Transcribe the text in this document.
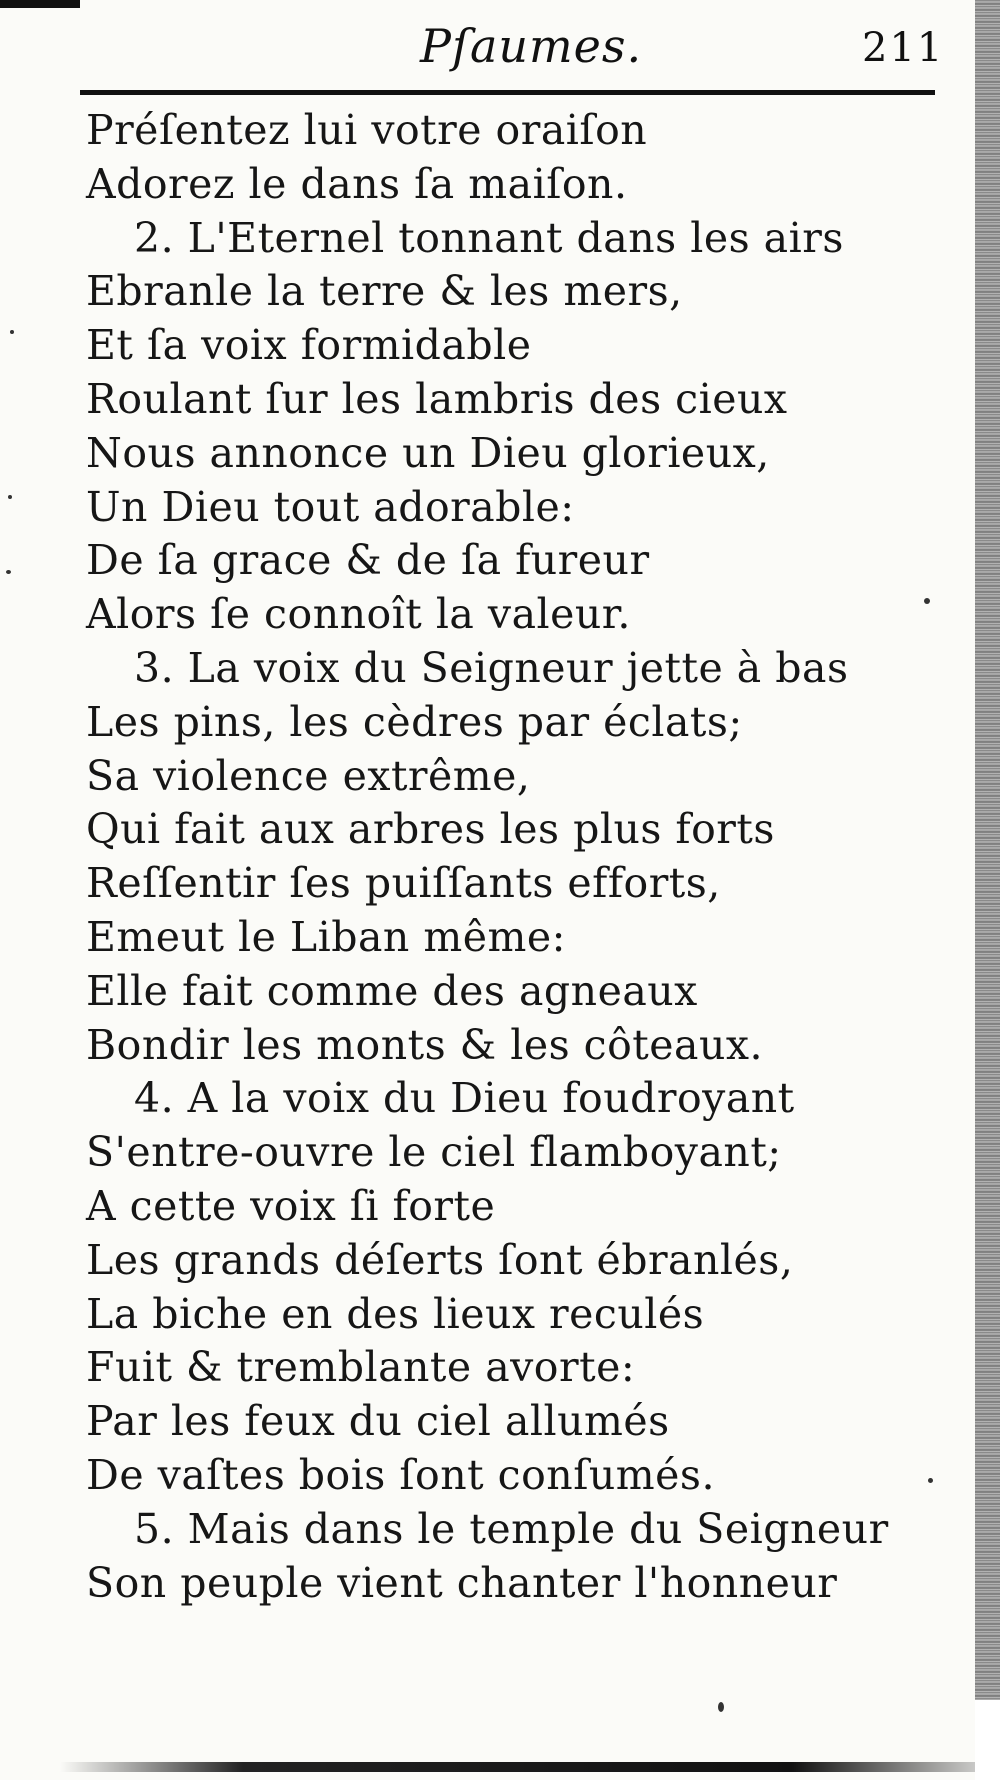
Pſaumes.	211
Préſentez lui votre oraiſon
Adorez le dans ſa maiſon.
2. L'Eternel tonnant dans les airs
Ebranle la terre & les mers,
Et ſa voix formidable
Roulant ſur les lambris des cieux
Nous annonce un Dieu glorieux,
Un Dieu tout adorable:
De ſa grace & de ſa fureur
Alors ſe connoît la valeur.
3. La voix du Seigneur jette à bas
Les pins, les cèdres par éclats;
Sa violence extrême,
Qui fait aux arbres les plus forts
Reſſentir ſes puiſſants efforts,
Emeut le Liban même:
Elle fait comme des agneaux
Bondir les monts & les côteaux.
4. A la voix du Dieu foudroyant
S'entre-ouvre le ciel flamboyant;
A cette voix ſi forte
Les grands déſerts ſont ébranlés,
La biche en des lieux reculés
Fuit & tremblante avorte:
Par les feux du ciel allumés
De vaſtes bois ſont conſumés.
5. Mais dans le temple du Seigneur
Son peuple vient chanter l'honneur
